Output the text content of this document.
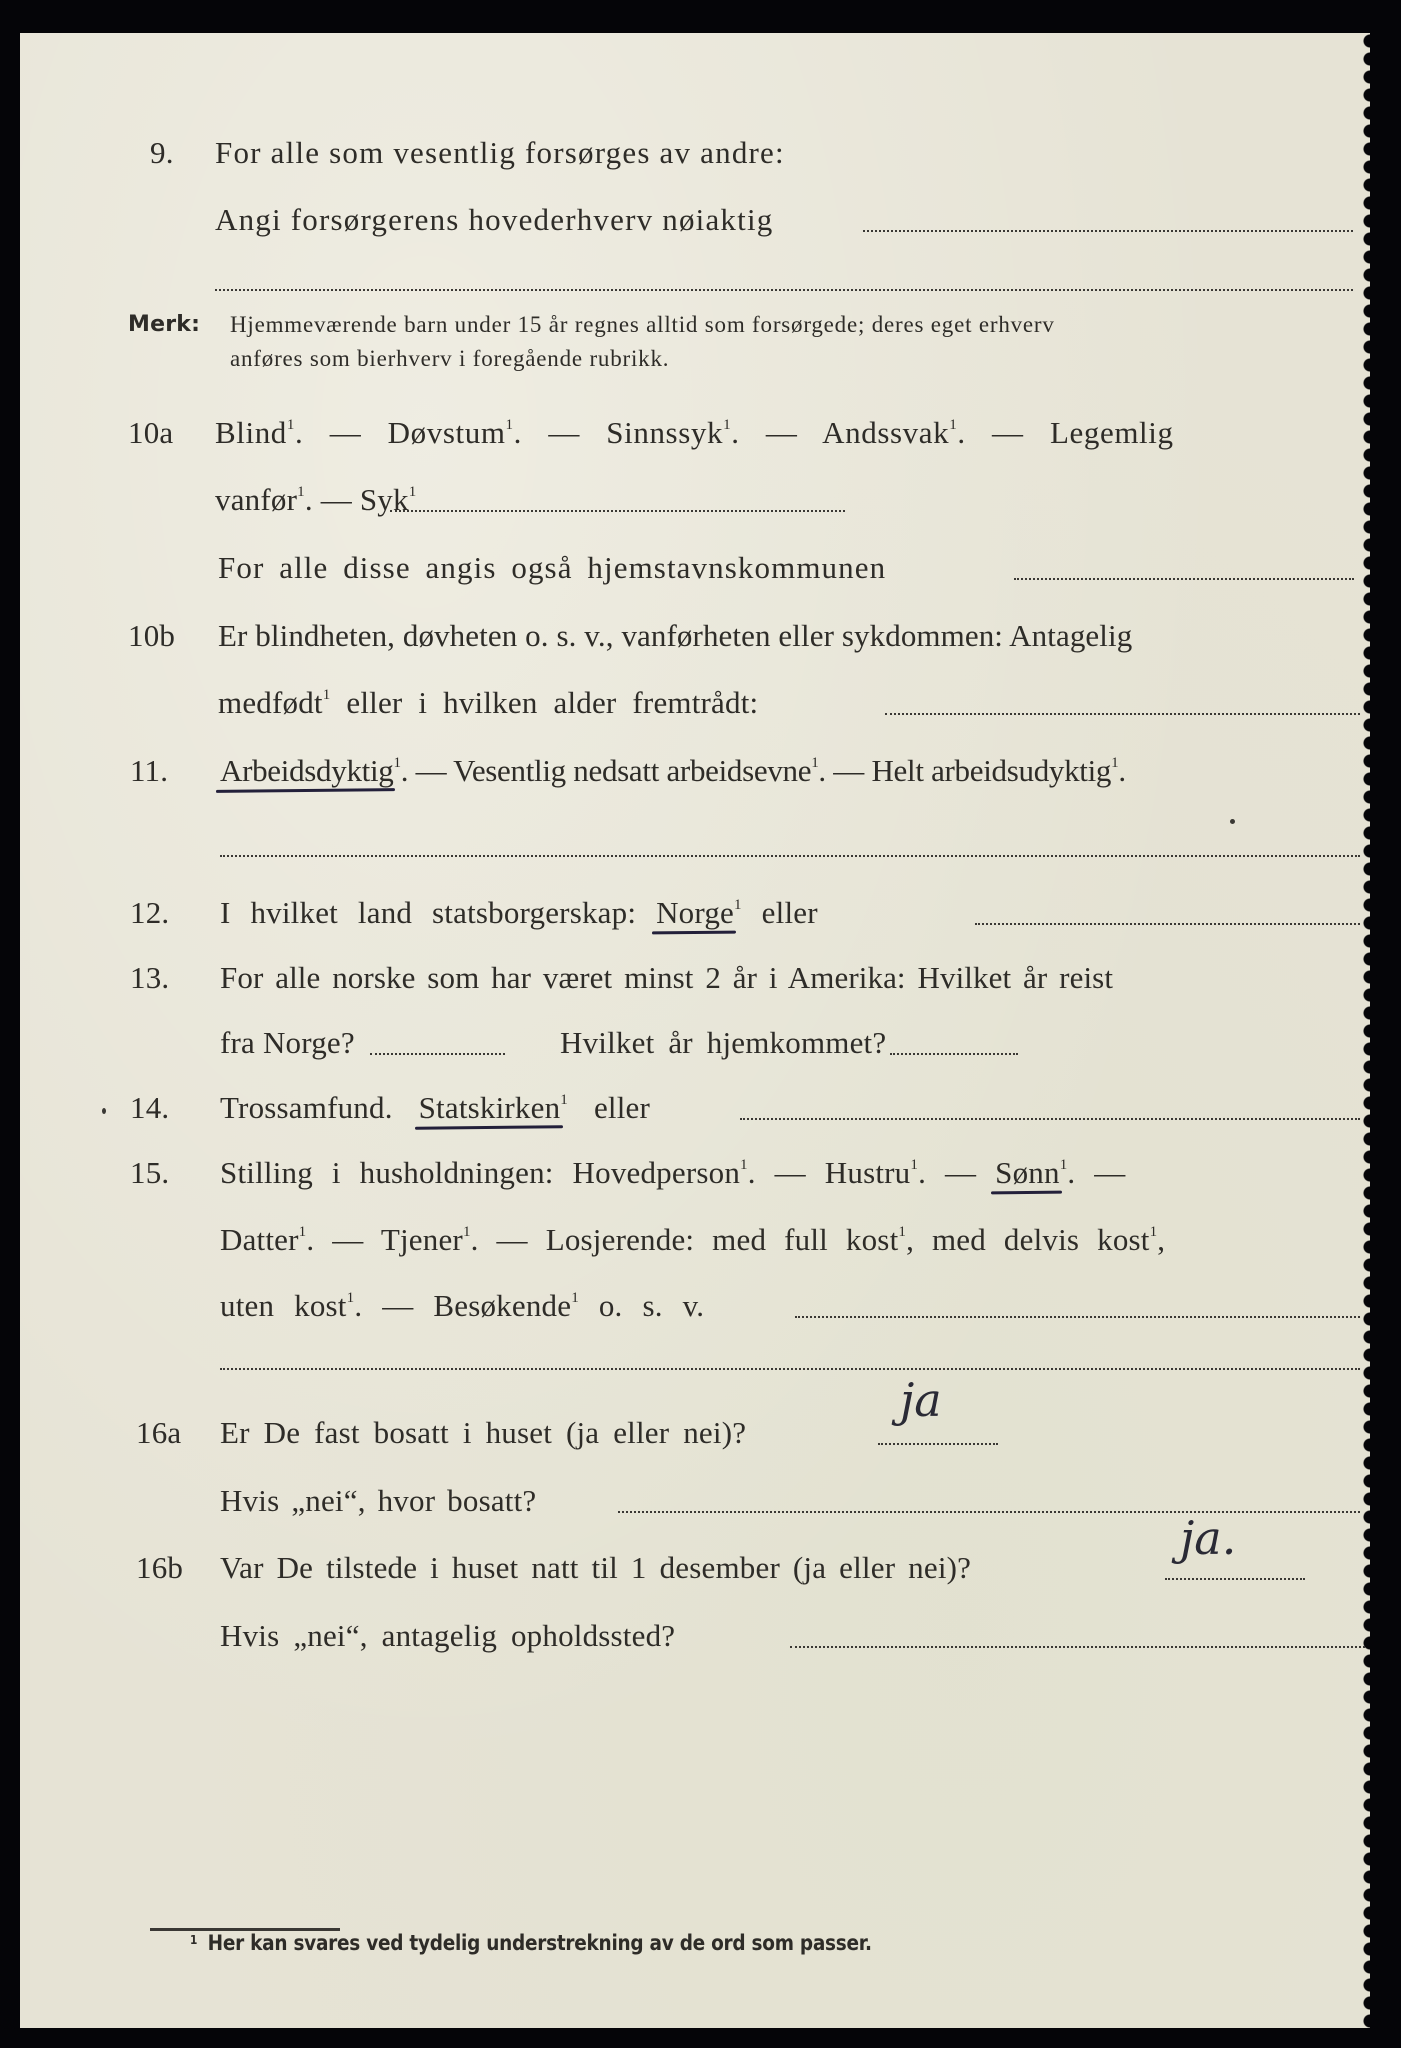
9. For alle som vesentlig forsørges av andre:
Angi forsørgerens hovederhverv nøiaktig
Merk: Hjemmeværende barn under 15 år regnes alltid som forsørgede; deres eget erhverv
anføres som bierhverv i foregående rubrikk.
10a Blind$^1$. — Døvstum$^1$. — Sinnssyk$^1$. — Andssvak$^1$. — Legemlig
vanfør$^1$. — Syk$^1$
For alle disse angis også hjemstavnskommunen
10b Er blindheten, døvheten o. s. v., vanførheten eller sykdommen: Antagelig
medfødt$^1$ eller i hvilken alder fremtrådt:
11. Arbeidsdyktig$^1$. — Vesentlig nedsatt arbeidsevne$^1$. — Helt arbeidsudyktig$^1$.
12. I hvilket land statsborgerskap: Norge$^1$ eller
13. For alle norske som har været minst 2 år i Amerika: Hvilket år reist
fra Norge?	Hvilket år hjemkommet?
14. Trossamfund. Statskirken$^1$ eller
15. Stilling i husholdningen: Hovedperson$^1$. — Hustru$^1$. — Sønn$^1$. —
Datter$^1$. — Tjener$^1$. — Losjerende: med full kost$^1$, med delvis kost$^1$,
uten kost$^1$. — Besøkende$^1$ o. s. v.
16a Er De fast bosatt i huset (ja eller nei)?
ja
Hvis „nei“, hvor bosatt?
16b Var De tilstede i huset natt til 1 desember (ja eller nei)?
ja.
Hvis „nei“, antagelig opholdssted?
$^1$ Her kan svares ved tydelig understrekning av de ord som passer.
